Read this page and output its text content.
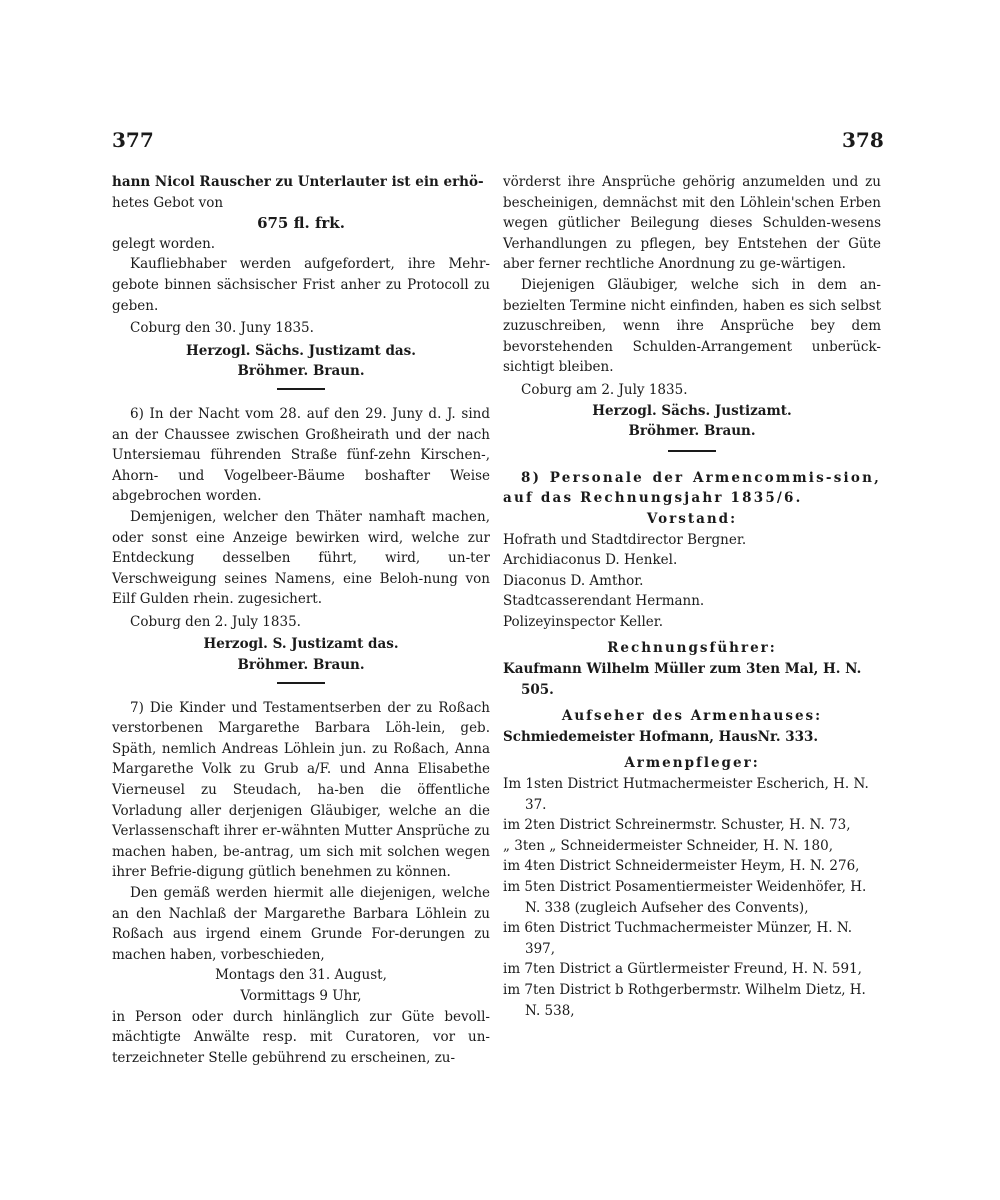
377	378

hann Nicol Rauscher zu Unterlauter ist ein erhö-

hetes Gebot von

675 fl. frk.

gelegt worden.

Kaufliebhaber werden aufgefordert, ihre Mehr-gebote binnen sächsischer Frist anher zu Protocoll zu geben.

Coburg den 30. Juny 1835.

Herzogl. Sächs. Justizamt das.

Bröhmer. Braun.

6) In der Nacht vom 28. auf den 29. Juny d. J. sind an der Chaussee zwischen Großheirath und der nach Untersiemau führenden Straße fünf-zehn Kirschen-, Ahorn- und Vogelbeer-Bäume boshafter Weise abgebrochen worden.

Demjenigen, welcher den Thäter namhaft machen, oder sonst eine Anzeige bewirken wird, welche zur Entdeckung desselben führt, wird, un-ter Verschweigung seines Namens, eine Beloh-nung von Eilf Gulden rhein. zugesichert.

Coburg den 2. July 1835.

Herzogl. S. Justizamt das.

Bröhmer. Braun.

7) Die Kinder und Testamentserben der zu Roßach verstorbenen Margarethe Barbara Löh-lein, geb. Späth, nemlich Andreas Löhlein jun. zu Roßach, Anna Margarethe Volk zu Grub a/F. und Anna Elisabethe Vierneusel zu Steudach, ha-ben die öffentliche Vorladung aller derjenigen Gläubiger, welche an die Verlassenschaft ihrer er-wähnten Mutter Ansprüche zu machen haben, be-antrag, um sich mit solchen wegen ihrer Befrie-digung gütlich benehmen zu können.

Den gemäß werden hiermit alle diejenigen, welche an den Nachlaß der Margarethe Barbara Löhlein zu Roßach aus irgend einem Grunde For-derungen zu machen haben, vorbeschieden,

Montags den 31. August,

Vormittags 9 Uhr,

in Person oder durch hinlänglich zur Güte bevoll-mächtigte Anwälte resp. mit Curatoren, vor un-terzeichneter Stelle gebührend zu erscheinen, zu-

vörderst ihre Ansprüche gehörig anzumelden und zu bescheinigen, demnächst mit den Löhlein'schen Erben wegen gütlicher Beilegung dieses Schulden-wesens Verhandlungen zu pflegen, bey Entstehen der Güte aber ferner rechtliche Anordnung zu ge-wärtigen.

Diejenigen Gläubiger, welche sich in dem an-bezielten Termine nicht einfinden, haben es sich selbst zuzuschreiben, wenn ihre Ansprüche bey dem bevorstehenden Schulden-Arrangement unberück-sichtigt bleiben.

Coburg am 2. July 1835.

Herzogl. Sächs. Justizamt.

Bröhmer. Braun.

8) Personale der Armencommis-sion, auf das Rechnungsjahr 1835/6.

Vorstand:

Hofrath und Stadtdirector Bergner.

Archidiaconus D. Henkel.

Diaconus D. Amthor.

Stadtcasserendant Hermann.

Polizeyinspector Keller.

Rechnungsführer:

Kaufmann Wilhelm Müller zum 3ten Mal, H. N. 505.

Aufseher des Armenhauses:

Schmiedemeister Hofmann, HausNr. 333.

Armenpfleger:

Im 1sten District Hutmachermeister Escherich, H. N. 37.

im 2ten District Schreinermstr. Schuster, H. N. 73,

„ 3ten „ Schneidermeister Schneider, H. N. 180,

im 4ten District Schneidermeister Heym, H. N. 276,

im 5ten District Posamentiermeister Weidenhöfer, H. N. 338 (zugleich Aufseher des Convents),

im 6ten District Tuchmachermeister Münzer, H. N. 397,

im 7ten District a Gürtlermeister Freund, H. N. 591,

im 7ten District b Rothgerbermstr. Wilhelm Dietz, H. N. 538,
